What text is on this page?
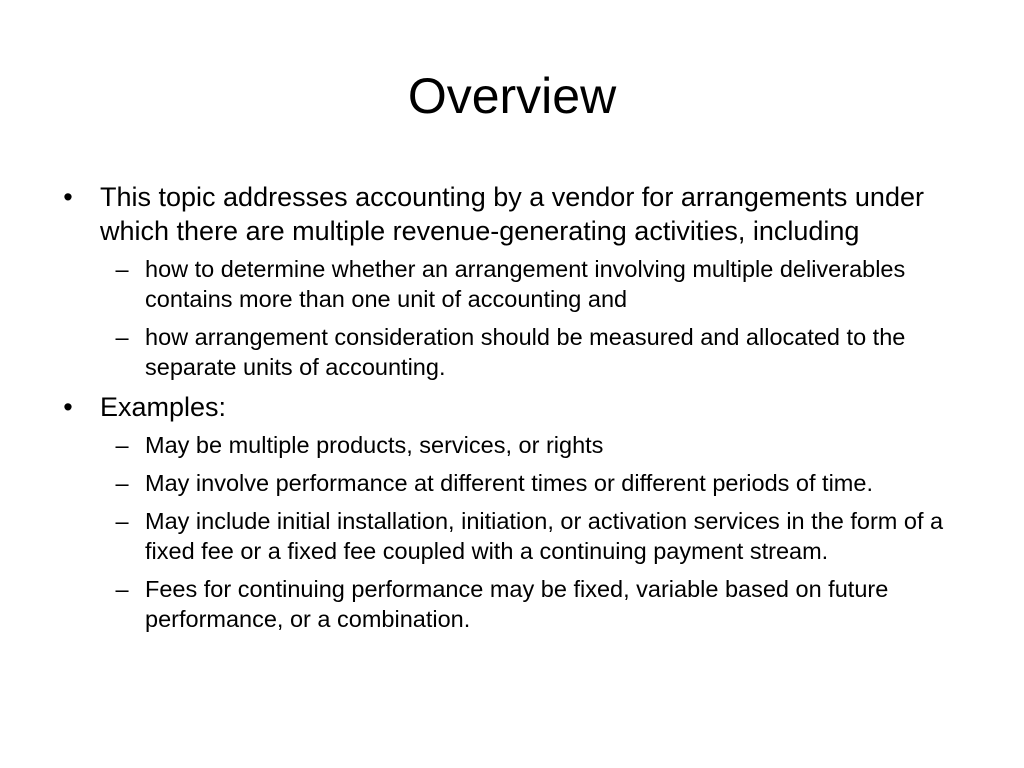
Overview
• This topic addresses accounting by a vendor for arrangements under which there are multiple revenue-generating activities, including
– how to determine whether an arrangement involving multiple deliverables contains more than one unit of accounting and
– how arrangement consideration should be measured and allocated to the separate units of accounting.
• Examples:
– May be multiple products, services, or rights
– May involve performance at different times or different periods of time.
– May include initial installation, initiation, or activation services in the form of a fixed fee or a fixed fee coupled with a continuing payment stream.
– Fees for continuing performance may be fixed, variable based on future performance, or a combination.
